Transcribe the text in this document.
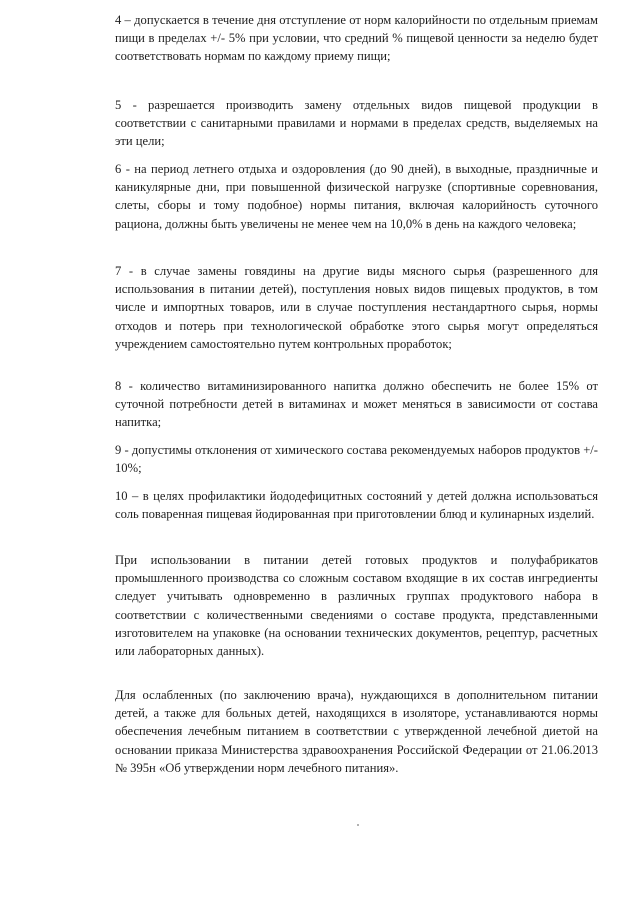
4 – допускается в течение дня отступление от норм калорийности по отдельным приемам пищи в пределах +/- 5% при условии, что средний % пищевой ценности за неделю будет соответствовать нормам по каждому приему пищи;

5 - разрешается производить замену отдельных видов пищевой продукции в соответствии с санитарными правилами и нормами в пределах средств, выделяемых на эти цели;

6 - на период летнего отдыха и оздоровления (до 90 дней), в выходные, праздничные и каникулярные дни, при повышенной физической нагрузке (спортивные соревнования, слеты, сборы и тому подобное) нормы питания, включая калорийность суточного рациона, должны быть увеличены не менее чем на 10,0% в день на каждого человека;

7 - в случае замены говядины на другие виды мясного сырья (разрешенного для использования в питании детей), поступления новых видов пищевых продуктов, в том числе и импортных товаров, или в случае поступления нестандартного сырья, нормы отходов и потерь при технологической обработке этого сырья могут определяться учреждением самостоятельно путем контрольных проработок;

8 - количество витаминизированного напитка должно обеспечить не более 15% от суточной потребности детей в витаминах и может меняться в зависимости от состава напитка;

9 - допустимы отклонения от химического состава рекомендуемых наборов продуктов +/- 10%;

10 – в целях профилактики йододефицитных состояний у детей должна использоваться соль поваренная пищевая йодированная при приготовлении блюд и кулинарных изделий.

При использовании в питании детей готовых продуктов и полуфабрикатов промышленного производства со сложным составом входящие в их состав ингредиенты следует учитывать одновременно в различных группах продуктового набора в соответствии с количественными сведениями о составе продукта, представленными изготовителем на упаковке (на основании технических документов, рецептур, расчетных или лабораторных данных).

Для ослабленных (по заключению врача), нуждающихся в дополнительном питании детей, а также для больных детей, находящихся в изоляторе, устанавливаются нормы обеспечения лечебным питанием в соответствии с утвержденной лечебной диетой на основании приказа Министерства здравоохранения Российской Федерации от 21.06.2013 № 395н «Об утверждении норм лечебного питания».
